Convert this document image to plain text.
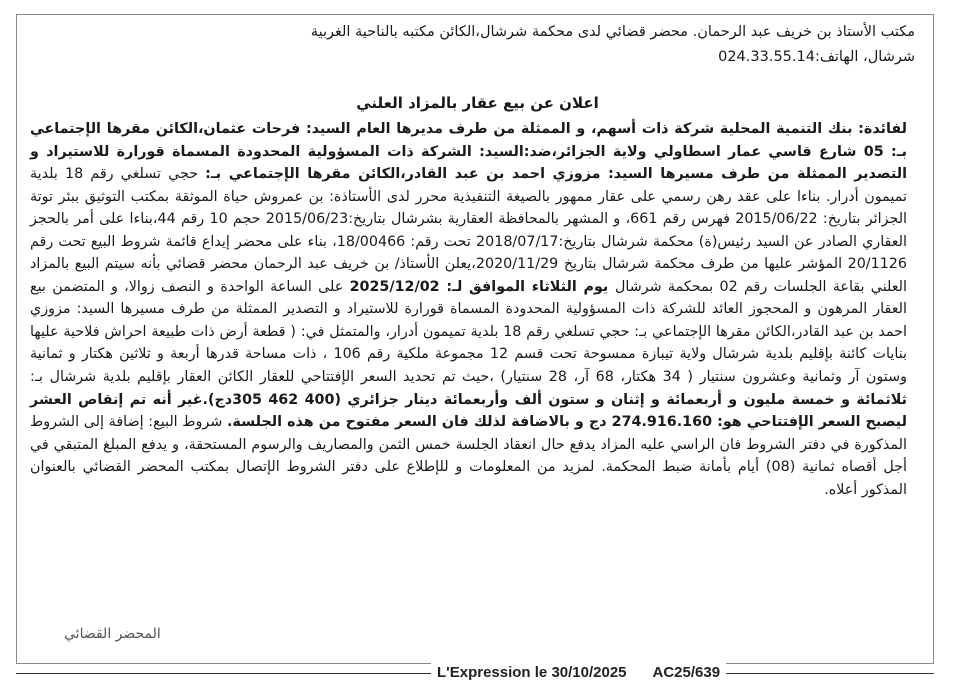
مكتب الأستاذ بن خريف عبد الرحمان. محضر قضائي لدى محكمة شرشال،الكائن مكتبه بالناحية الغربية
شرشال، الهاتف:024.33.55.14
اعلان عن بيع عقار بالمزاد العلني

لفائدة: بنك التنمية المحلية شركة ذات أسهم، و الممثلة من طرف مديرها العام السيد: فرحات عثمان،الكائن مقرها الإجتماعي بـ: 05 شارع قاسي عمار اسطاولي ولاية الجزائر،ضد:السيد: الشركة ذات المسؤولية المحدودة المسماة قورارة للاستيراد و التصدير الممثلة من طرف مسيرها السيد: مزوزي احمد بن عبد القادر،الكائن مقرها الإجتماعي بـ: حجي تسلغي رقم 18 بلدية تميمون أدرار. بناءا على عقد رهن رسمي على عقار ممهور بالصيغة التنفيذية محرر لدى الأستاذة: بن عمروش حياة الموثقة بمكتب التوثيق ببئر توتة الجزائر بتاريخ: 2015/06/22 فهرس رقم 661، و المشهر بالمحافظة العقارية بشرشال بتاريخ:2015/06/23 حجم 10 رقم 44،بناءا على أمر بالحجز العقاري الصادر عن السيد رئيس(ة) محكمة شرشال بتاريخ:2018/07/17 تحت رقم: 18/00466، بناء على محضر إيداع قائمة شروط البيع تحت رقم 20/1126 المؤشر عليها من طرف محكمة شرشال بتاريخ 2020/11/29،يعلن الأستاذ/ بن خريف عبد الرحمان محضر قضائي بأنه سيتم البيع بالمزاد العلني بقاعة الجلسات رقم 02 بمحكمة شرشال يوم الثلاثاء الموافق لـ: 2025/12/02 على الساعة الواحدة و النصف زوالا، و المتضمن بيع العقار المرهون و المحجوز العائد للشركة ذات المسؤولية المحدودة المسماة قورارة للاستيراد و التصدير الممثلة من طرف مسيرها السيد: مزوزي احمد بن عبد القادر،الكائن مقرها الإجتماعي بـ: حجي تسلغي رقم 18 بلدية تميمون أدرار، والمتمثل في: ( قطعة أرض ذات طبيعة احراش فلاحية عليها بنايات كائنة بإقليم بلدية شرشال ولاية تيبازة ممسوحة تحت قسم 12 مجموعة ملكية رقم 106 ، ذات مساحة قدرها أربعة و ثلاثين هكتار و ثمانية وستون آر وثمانية وعشرون سنتيار ( 34 هكتار، 68 آر، 28 سنتيار) ،حيث تم تحديد السعر الإفتتاحي للعقار الكائن العقار بإقليم بلدية شرشال بـ: ثلاثمائة و خمسة مليون و أربعمائة و إثنان و ستون ألف وأربعمائة دينار جزائري (400 462 305دج).غير أنه تم إنقاص العشر ليصبح السعر الإفتتاحي هو: 274.916.160 دج و بالاضافة لذلك فان السعر مفتوح من هذه الجلسة. شروط البيع: إضافة إلى الشروط المذكورة في دفتر الشروط فان الراسي عليه المزاد يدفع حال انعقاد الجلسة خمس الثمن والمصاريف والرسوم المستحقة، و يدفع المبلغ المتبقي في أجل أقصاه ثمانية (08) أيام بأمانة ضبط المحكمة. لمزيد من المعلومات و للإطلاع على دفتر الشروط الإتصال بمكتب المحضر القضائي بالعنوان المذكور أعلاه.

المحضر القضائي
L'Expression le 30/10/2025 AC25/639
